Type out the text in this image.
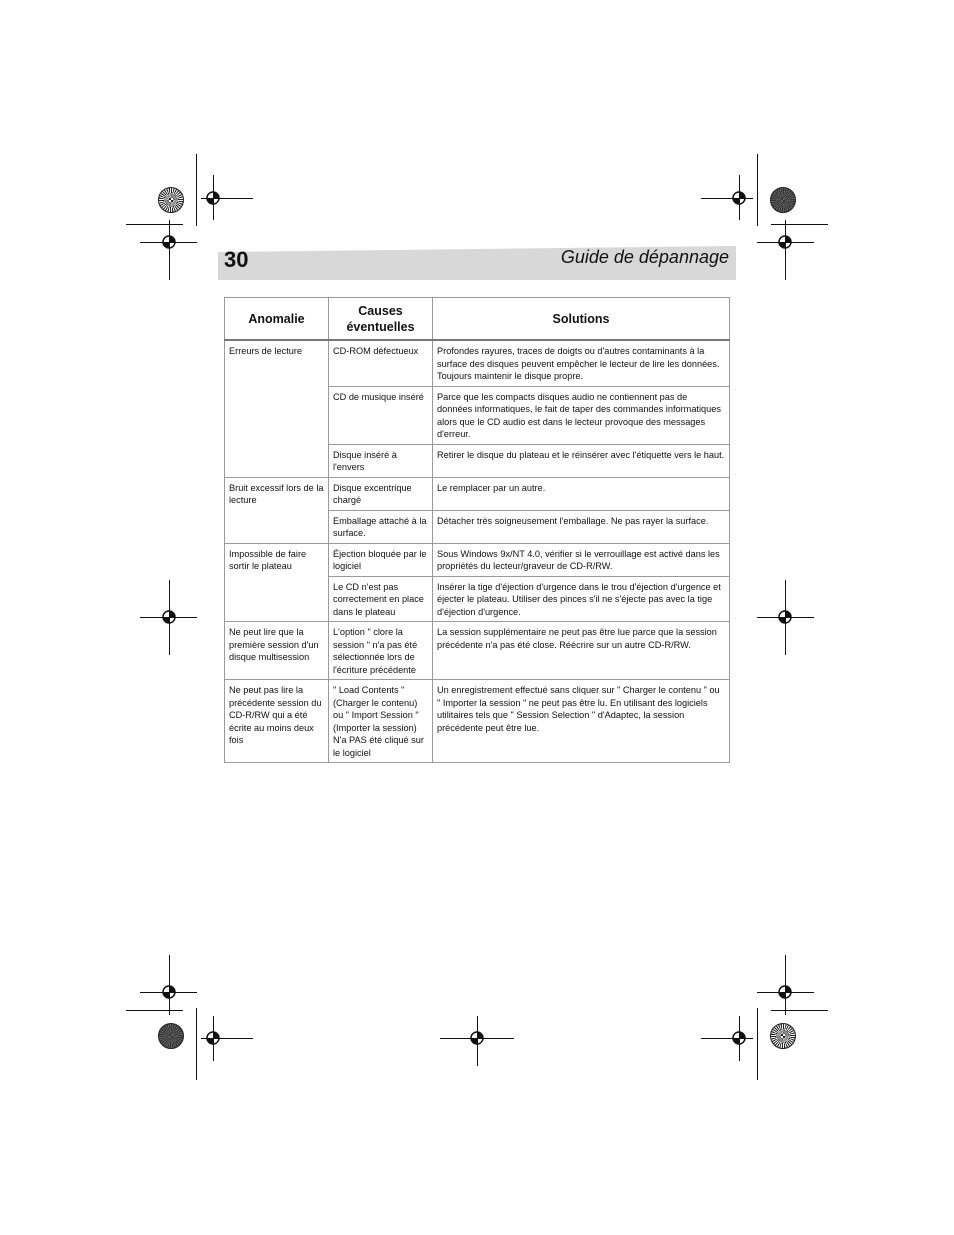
30	Guide de dépannage
Anomalie	Causes éventuelles	Solutions
Erreurs de lecture	CD-ROM défectueux	Profondes rayures, traces de doigts ou d'autres contaminants à la surface des disques peuvent empêcher le lecteur de lire les données. Toujours maintenir le disque propre.
	CD de musique inséré	Parce que les compacts disques audio ne contiennent pas de données informatiques, le fait de taper des commandes informatiques alors que le CD audio est dans le lecteur provoque des messages d'erreur.
	Disque inséré à l'envers	Retirer le disque du plateau et le réinsérer avec l'étiquette vers le haut.
Bruit excessif lors de la lecture	Disque excentrique chargé	Le remplacer par un autre.
	Emballage attaché à la surface.	Détacher très soigneusement l'emballage. Ne pas rayer la surface.
Impossible de faire sortir le plateau	Éjection bloquée par le logiciel	Sous Windows 9x/NT 4.0, vérifier si le verrouillage est activé dans les propriétés du lecteur/graveur de CD-R/RW.
	Le CD n'est pas correctement en place dans le plateau	Insérer la tige d'éjection d'urgence dans le trou d'éjection d'urgence et éjecter le plateau. Utiliser des pinces s'il ne s'éjecte pas avec la tige d'éjection d'urgence.
Ne peut lire que la première session d'un disque multisession	L'option " clore la session " n'a pas été sélectionnée lors de l'écriture précédente	La session supplémentaire ne peut pas être lue parce que la session précédente n'a pas été close. Réécrire sur un autre CD-R/RW.
Ne peut pas lire la précédente session du CD-R/RW qui a été écrite au moins deux fois	" Load Contents " (Charger le contenu) ou " Import Session " (Importer la session) N'a PAS été cliqué sur le logiciel	Un enregistrement effectué sans cliquer sur " Charger le contenu " ou " Importer la session " ne peut pas être lu. En utilisant des logiciels utilitaires tels que " Session Selection " d'Adaptec, la session précédente peut être lue.
